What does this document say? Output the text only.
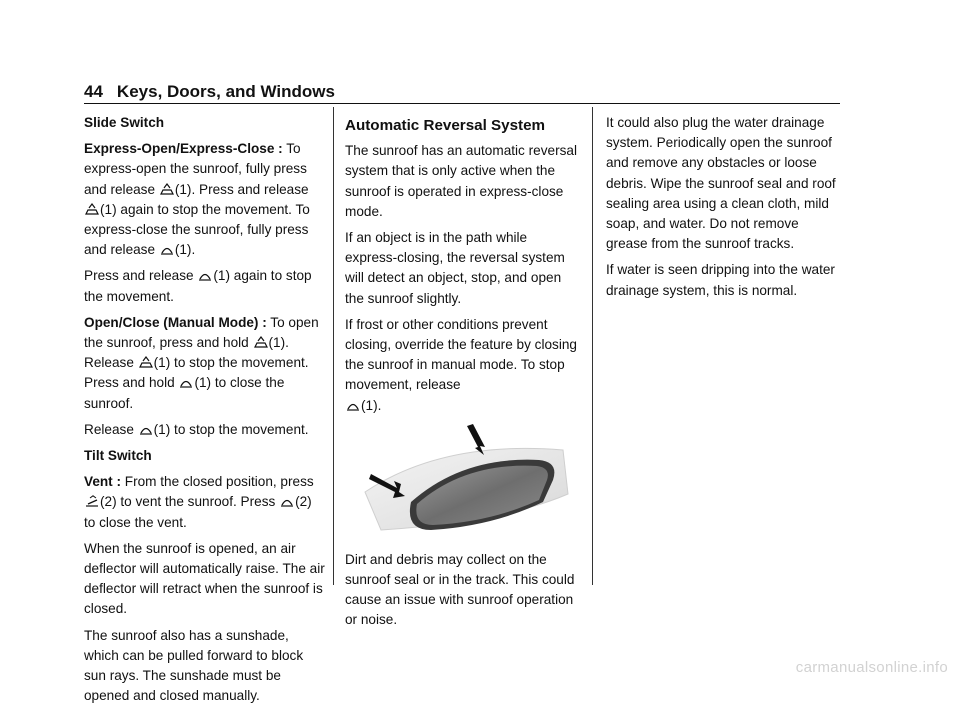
44 Keys, Doors, and Windows

Slide Switch

Express-Open/Express-Close : To express-open the sunroof, fully press and release (1). Press and release
(1) again to stop the movement. To express-close the sunroof, fully press and release (1).

Press and release (1) again to stop the movement.

Open/Close (Manual Mode) : To open the sunroof, press and hold (1). Release (1) to stop the movement. Press and hold (1) to close the sunroof.

Release (1) to stop the movement.

Tilt Switch

Vent : From the closed position, press
(2) to vent the sunroof. Press (2) to close the vent.

When the sunroof is opened, an air deflector will automatically raise. The air deflector will retract when the sunroof is closed.

The sunroof also has a sunshade, which can be pulled forward to block sun rays. The sunshade must be opened and closed manually.

Automatic Reversal System

The sunroof has an automatic reversal system that is only active when the sunroof is operated in express-close mode.

If an object is in the path while express-closing, the reversal system will detect an object, stop, and open the sunroof slightly.

If frost or other conditions prevent closing, override the feature by closing the sunroof in manual mode. To stop movement, release

(1).

Dirt and debris may collect on the sunroof seal or in the track. This could cause an issue with sunroof operation or noise.

It could also plug the water drainage system. Periodically open the sunroof and remove any obstacles or loose debris. Wipe the sunroof seal and roof sealing area using a clean cloth, mild soap, and water. Do not remove grease from the sunroof tracks.

If water is seen dripping into the water drainage system, this is normal.

carmanualsonline.info
